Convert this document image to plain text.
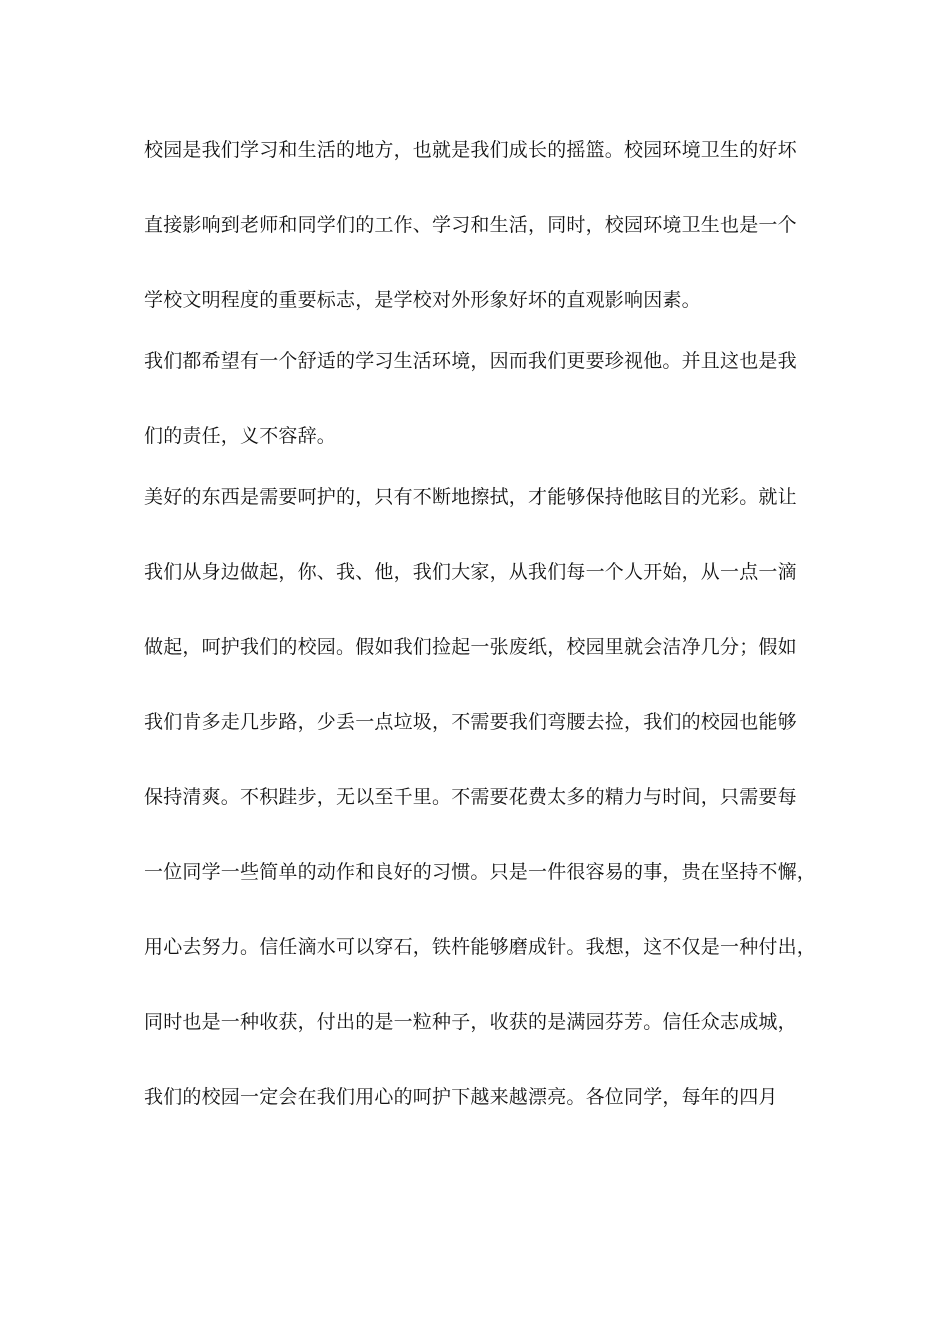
校园是我们学习和生活的地方，也就是我们成长的摇篮。校园环境卫生的好坏
直接影响到老师和同学们的工作、学习和生活，同时，校园环境卫生也是一个
学校文明程度的重要标志，是学校对外形象好坏的直观影响因素。
我们都希望有一个舒适的学习生活环境，因而我们更要珍视他。并且这也是我
们的责任，义不容辞。
美好的东西是需要呵护的，只有不断地擦拭，才能够保持他眩目的光彩。就让
我们从身边做起，你、我、他，我们大家，从我们每一个人开始，从一点一滴
做起，呵护我们的校园。假如我们捡起一张废纸，校园里就会洁净几分；假如
我们肯多走几步路，少丢一点垃圾，不需要我们弯腰去捡，我们的校园也能够
保持清爽。不积跬步，无以至千里。不需要花费太多的精力与时间，只需要每
一位同学一些简单的动作和良好的习惯。只是一件很容易的事，贵在坚持不懈，
用心去努力。信任滴水可以穿石，铁杵能够磨成针。我想，这不仅是一种付出，
同时也是一种收获，付出的是一粒种子，收获的是满园芬芳。信任众志成城，
我们的校园一定会在我们用心的呵护下越来越漂亮。各位同学，每年的四月
